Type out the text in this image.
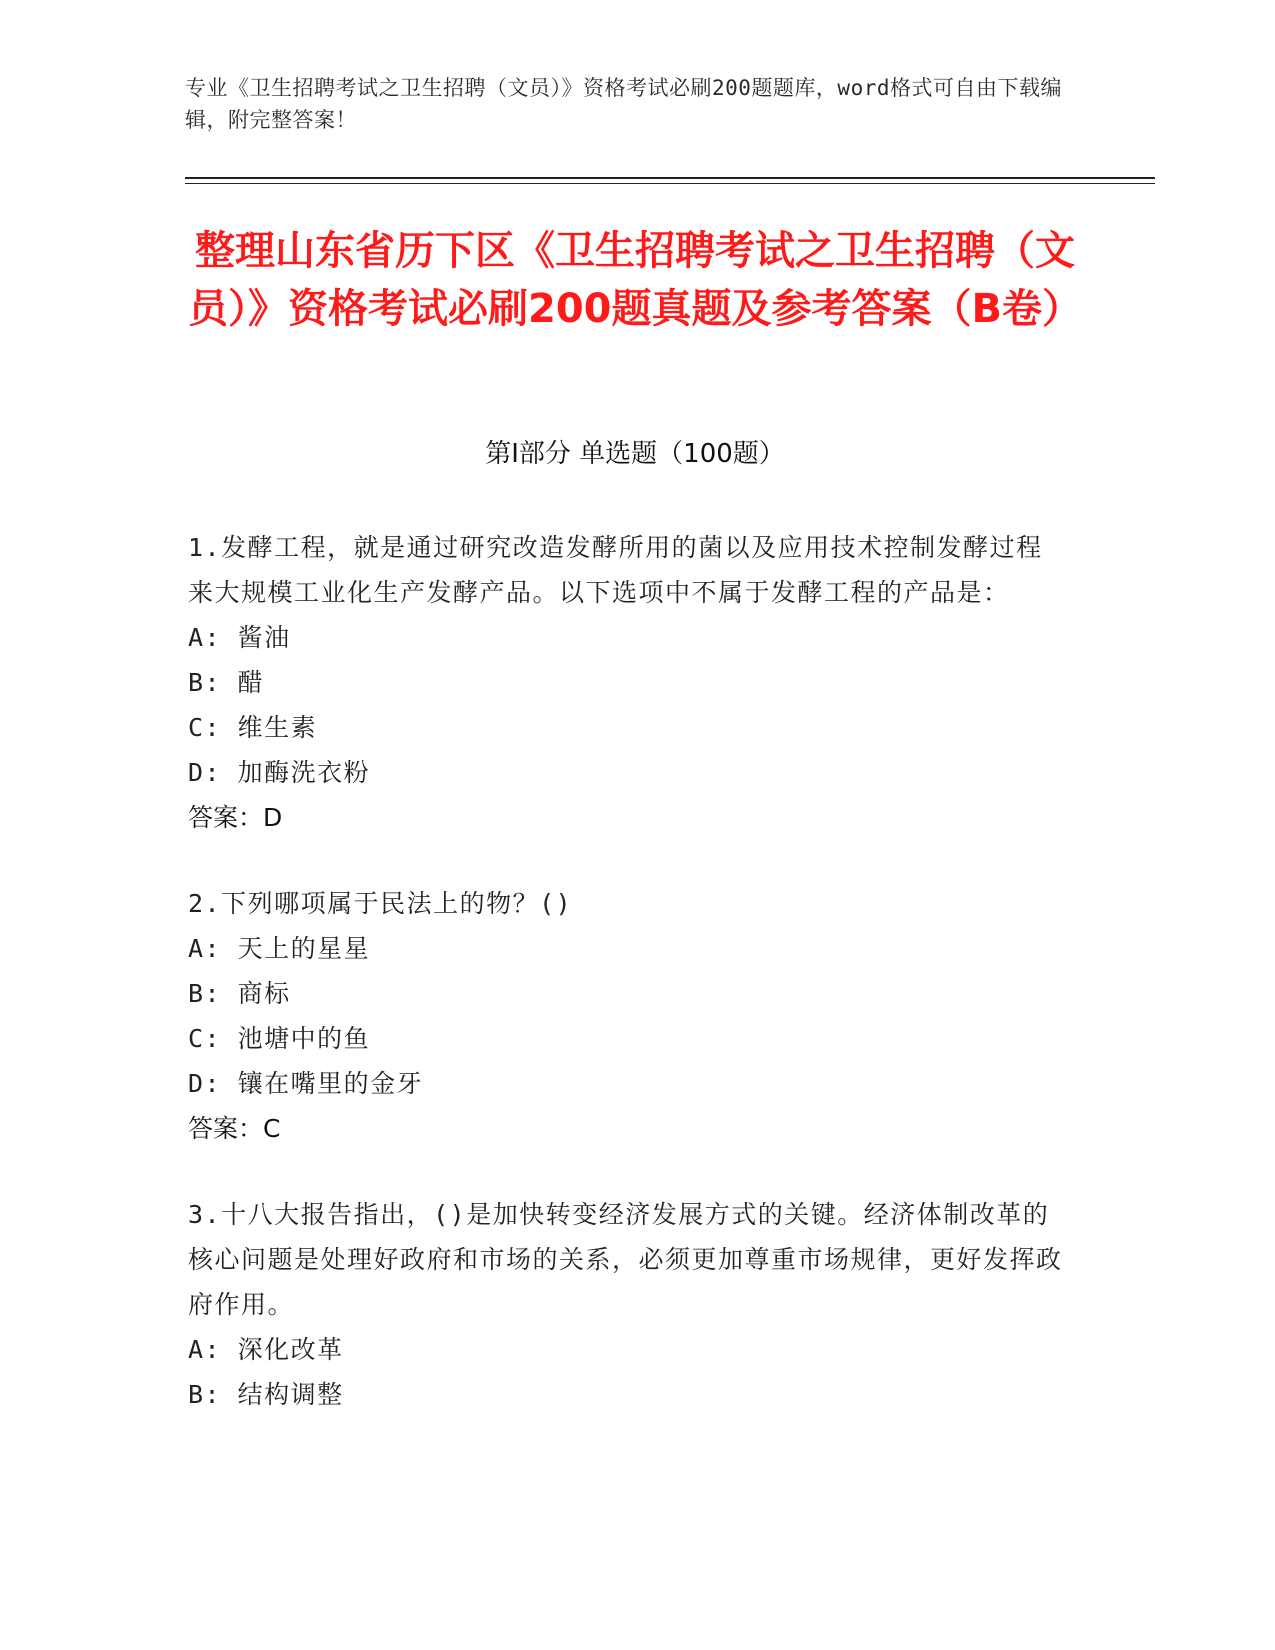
专业《卫生招聘考试之卫生招聘（文员）》资格考试必刷200题题库，word格式可自由下载编辑，附完整答案！
整理山东省历下区《卫生招聘考试之卫生招聘（文员）》资格考试必刷200题真题及参考答案（B卷）
第I部分 单选题（100题）

1.发酵工程，就是通过研究改造发酵所用的菌以及应用技术控制发酵过程来大规模工业化生产发酵产品。以下选项中不属于发酵工程的产品是：

A: 酱油

B: 醋

C: 维生素

D: 加酶洗衣粉

答案：D

2.下列哪项属于民法上的物？()

A: 天上的星星

B: 商标

C: 池塘中的鱼

D: 镶在嘴里的金牙

答案：C

3.十八大报告指出，()是加快转变经济发展方式的关键。经济体制改革的核心问题是处理好政府和市场的关系，必须更加尊重市场规律，更好发挥政府作用。

A: 深化改革

B: 结构调整
